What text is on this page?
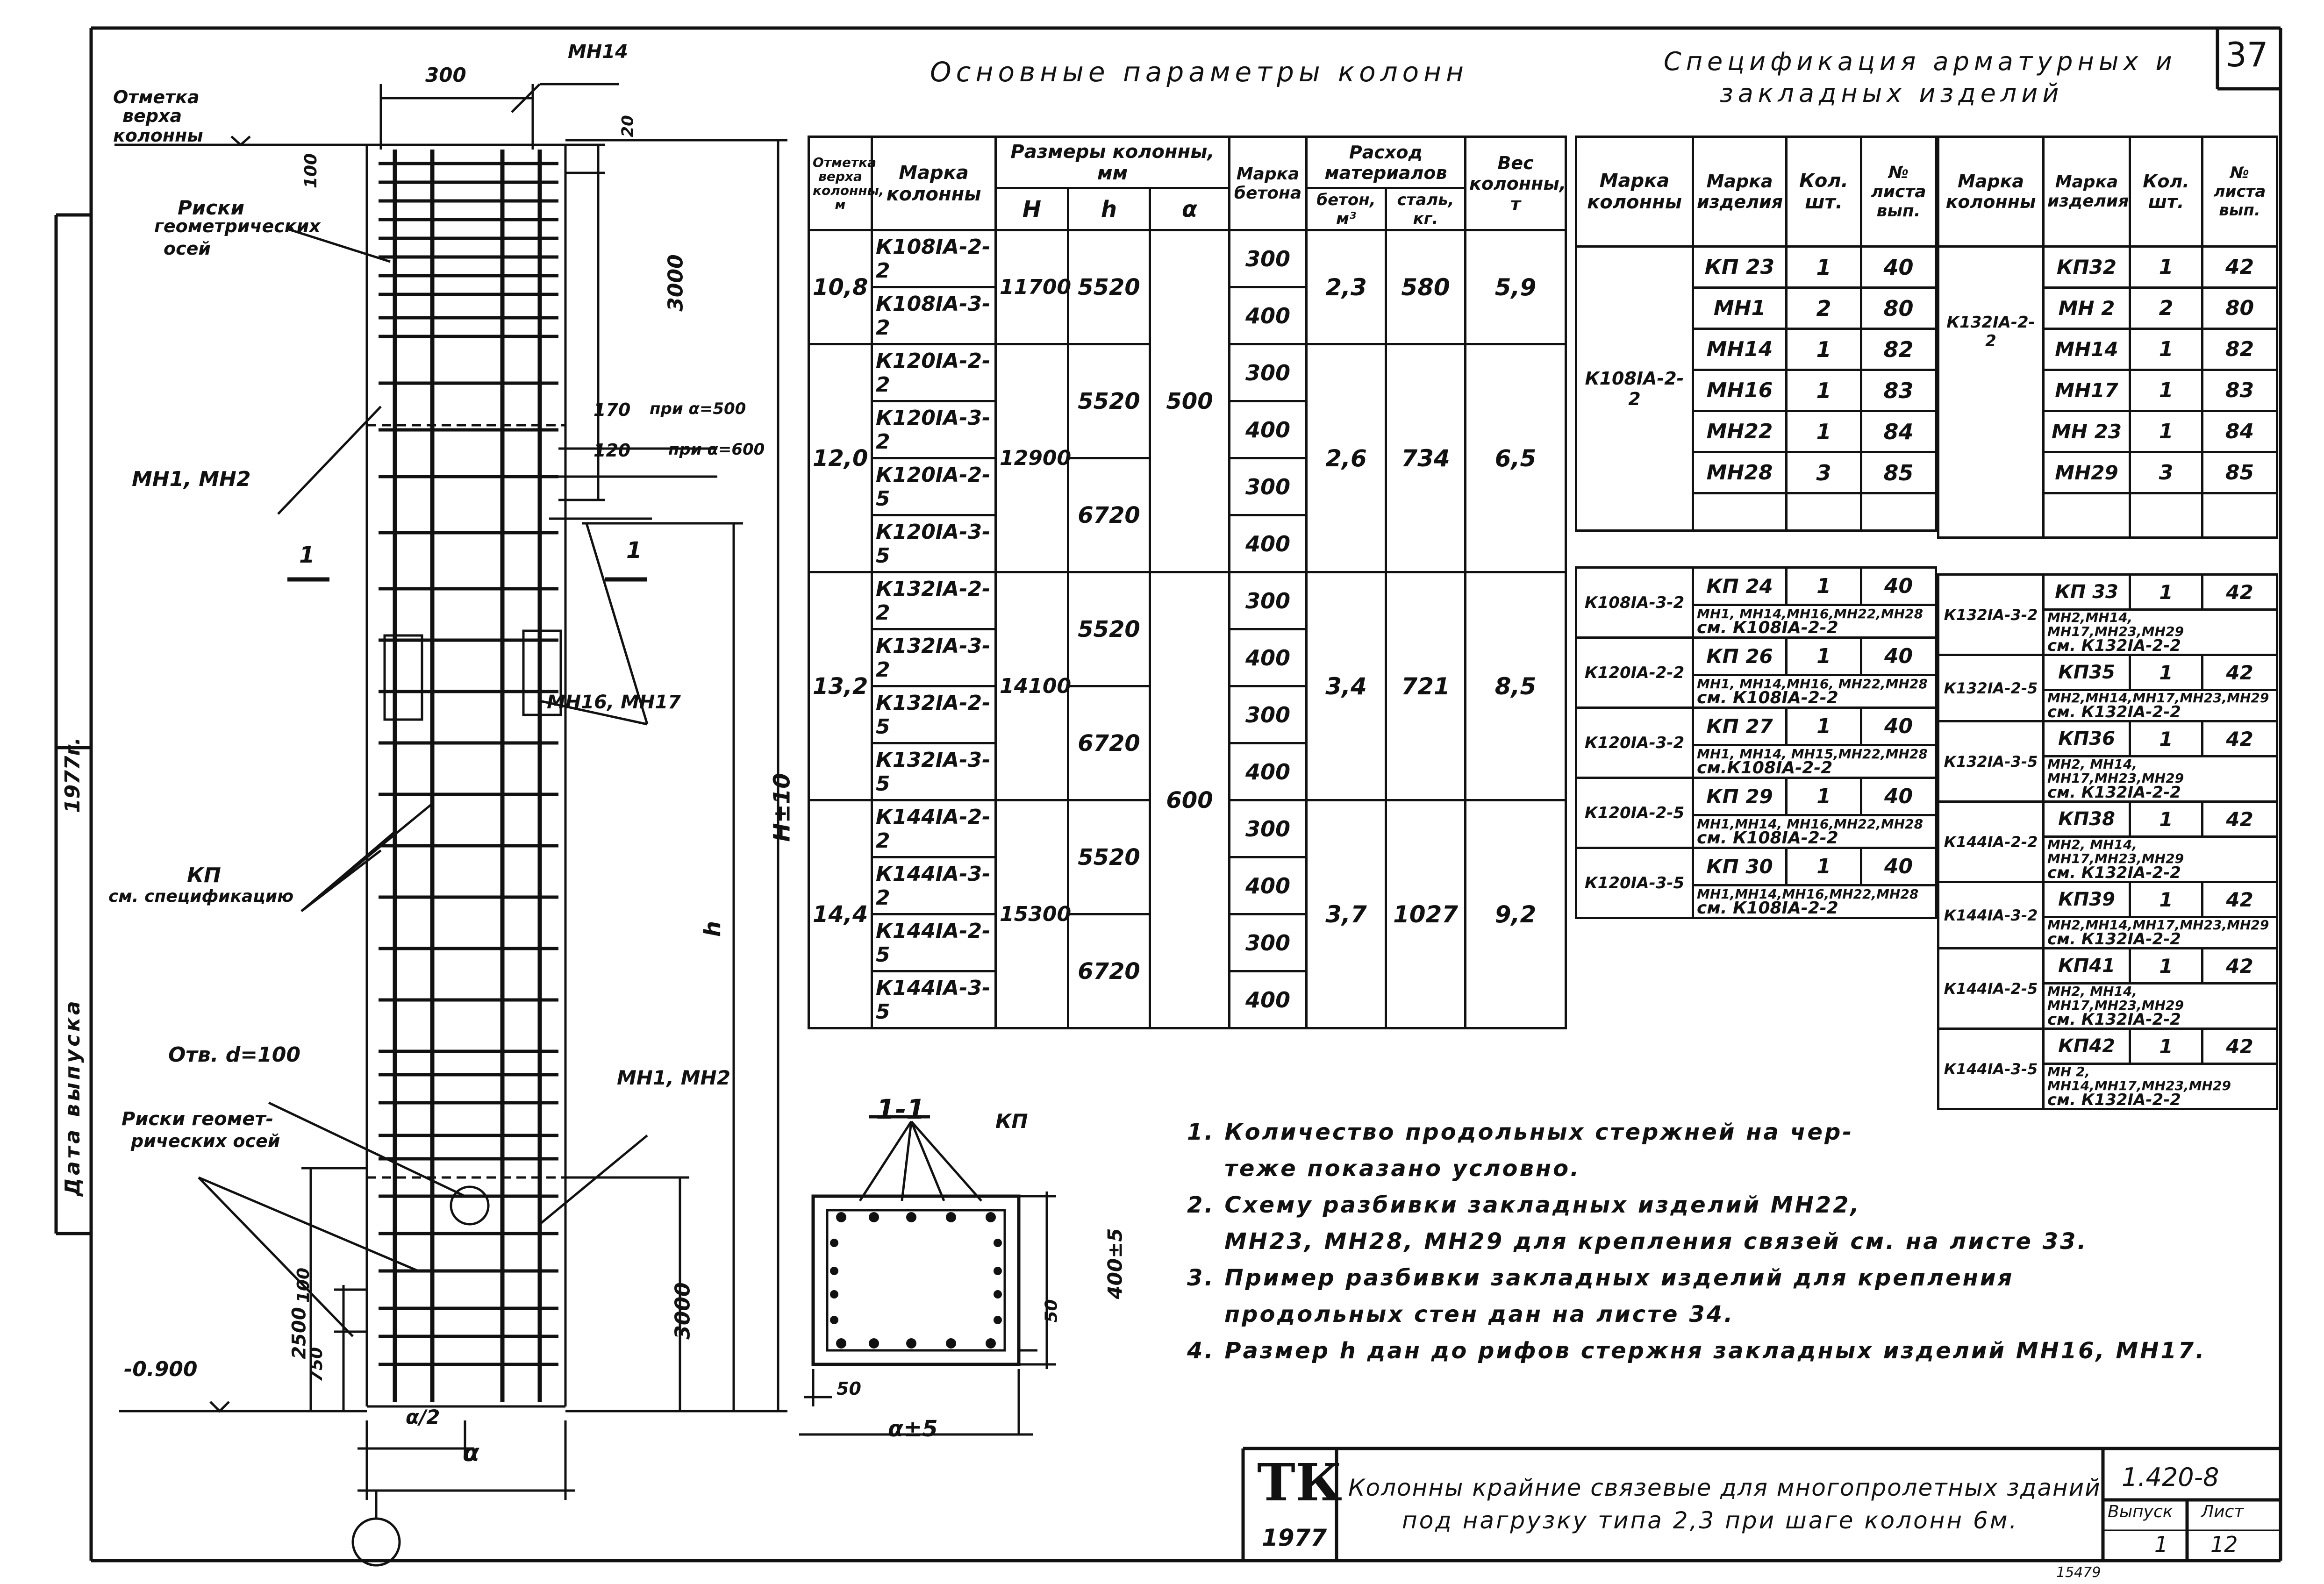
Дата выпуска
1977г.
37
Отметка
верха
колонны
Риски
геометрических
осей
300
МН14
20
100
3000
170 при α=500
120 при α=600
МН1, МН2
1	1
МН16, МН17
H±10
h
КП
см. спецификацию
Отв. d=100
МН1, МН2
Риски геомет-
рических осей
100
2500
750
3000
-0.900
α/2
α
Основные параметры колонн	Спецификация арматурных и
закладных изделий
Отметка верха колонны, м	Марка колонны	Размеры колонны, мм			Марка бетона	Расход материалов		Вес колонны, т
		H	h	α		бетон, м³	сталь, кг.	
10,8	К108IА-2-2	11700	5520	500	300	2,3	580	5,9
	К108IА-3-2				400			
12,0	К120IА-2-2	12900	5520		300	2,6	734	6,5
	К120IА-3-2				400			
	К120IА-2-5		6720		300			
	К120IА-3-5				400			
13,2	К132IА-2-2	14100	5520	600	300	3,4	721	8,5
	К132IА-3-2				400			
	К132IА-2-5		6720		300			
	К132IА-3-5				400			
14,4	К144IА-2-2	15300	5520		300	3,7	1027	9,2
	К144IА-3-2				400			
	К144IА-2-5		6720		300			
	К144IА-3-5				400			
Марка колонны	Марка изделия	Кол. шт.	№ листа вып.
К108IА-2-2	КП 23	1	40
	МН1	2	80
	МН14	1	82
	МН16	1	83
	МН22	1	84
	МН28	3	85

К108IА-3-2	КП 24	1	40
	МН1, МН14,МН16,МН22,МН28
см. К108IА-2-2		
К120IА-2-2	КП 26	1	40
	МН1, МН14,МН16, МН22,МН28
см. К108IА-2-2		
К120IА-3-2	КП 27	1	40
	МН1, МН14, МН15,МН22,МН28
см.К108IА-2-2		
К120IА-2-5	КП 29	1	40
	МН1,МН14, МН16,МН22,МН28
см. К108IА-2-2		
К120IА-3-5	КП 30	1	40
	МН1,МН14,МН16,МН22,МН28
см. К108IА-2-2		
Марка колонны	Марка изделия	Кол. шт.	№ листа вып.
К132IА-2-2	КП32	1	42
	МН 2	2	80
	МН14	1	82
	МН17	1	83
	МН 23	1	84
	МН29	3	85

К132IА-3-2	КП 33	1	42
	МН2,МН14, МН17,МН23,МН29
см. К132IА-2-2		
К132IА-2-5	КП35	1	42
	МН2,МН14,МН17,МН23,МН29
см. К132IА-2-2		
К132IА-3-5	КП36	1	42
	МН2, МН14, МН17,МН23,МН29
см. К132IА-2-2		
К144IА-2-2	КП38	1	42
	МН2, МН14, МН17,МН23,МН29
см. К132IА-2-2		
К144IА-3-2	КП39	1	42
	МН2,МН14,МН17,МН23,МН29
см. К132IА-2-2		
К144IА-2-5	КП41	1	42
	МН2, МН14, МН17,МН23,МН29
см. К132IА-2-2		
К144IА-3-5	КП42	1	42
	МН 2, МН14,МН17,МН23,МН29
см. К132IА-2-2		
1-1	КП
400±5
50
50
α±5
1. Количество продольных стержней на чер-
теже показано условно.
2. Схему разбивки закладных изделий МН22,
МН23, МН28, МН29 для крепления связей см. на листе 33.
3. Пример разбивки закладных изделий для крепления
продольных стен дан на листе 34.
4. Размер h дан до рифов стержня закладных изделий МН16, МН17.
ТК
1977
Колонны крайние связевые для многопролетных зданий
под нагрузку типа 2,3 при шаге колонн 6м.
1.420-8
Выпуск
1
Лист
12
15479
